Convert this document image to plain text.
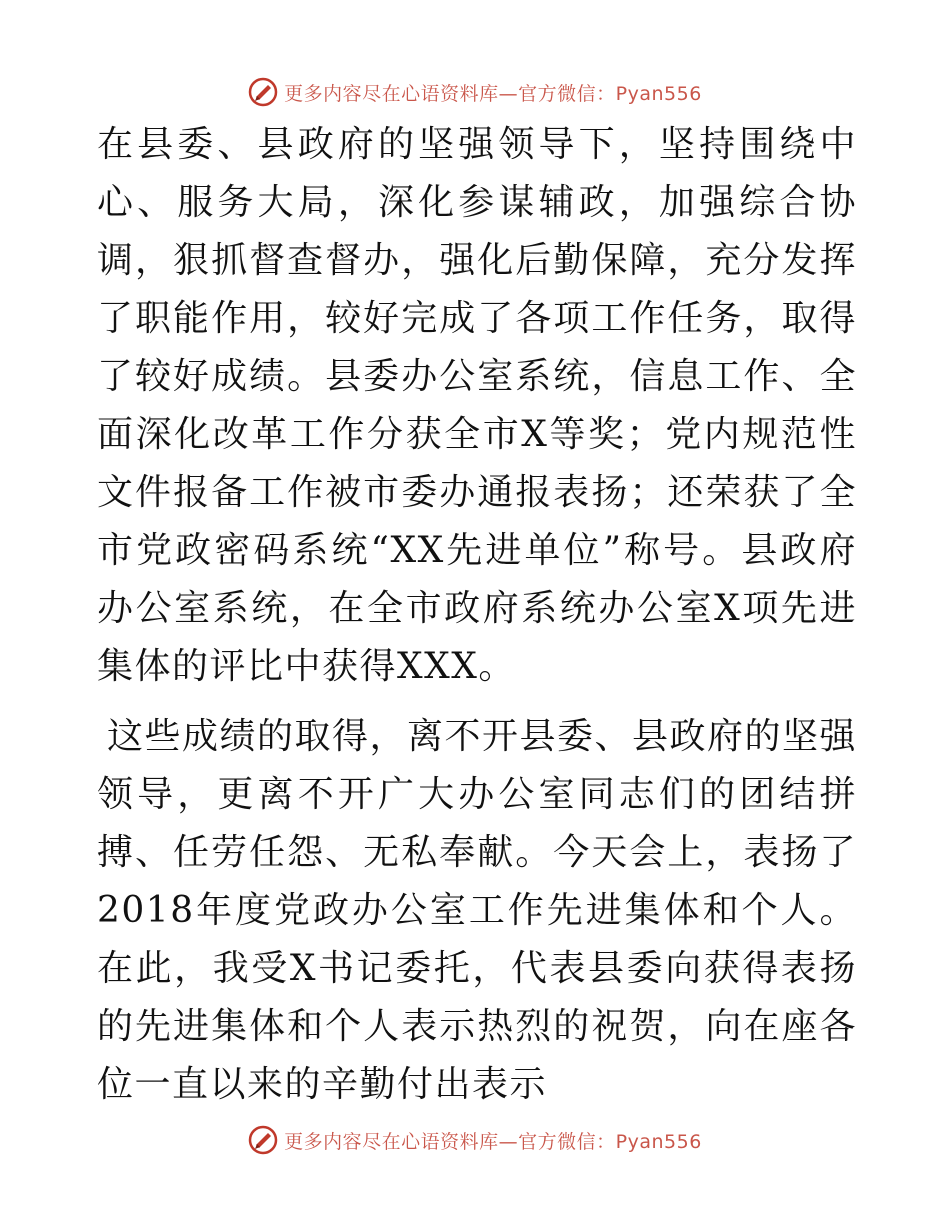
更多内容尽在心语资料库—官方微信：Pyan556

在县委、县政府的坚强领导下，坚持围绕中心、服务大局，深化参谋辅政，加强综合协调，狠抓督查督办，强化后勤保障，充分发挥了职能作用，较好完成了各项工作任务，取得了较好成绩。县委办公室系统，信息工作、全面深化改革工作分获全市X等奖；党内规范性文件报备工作被市委办通报表扬；还荣获了全市党政密码系统“XX先进单位”称号。县政府办公室系统，在全市政府系统办公室X项先进集体的评比中获得XXX。

这些成绩的取得，离不开县委、县政府的坚强领导，更离不开广大办公室同志们的团结拼搏、任劳任怨、无私奉献。今天会上，表扬了2018年度党政办公室工作先进集体和个人。在此，我受X书记委托，代表县委向获得表扬的先进集体和个人表示热烈的祝贺，向在座各位一直以来的辛勤付出表示

更多内容尽在心语资料库—官方微信：Pyan556
